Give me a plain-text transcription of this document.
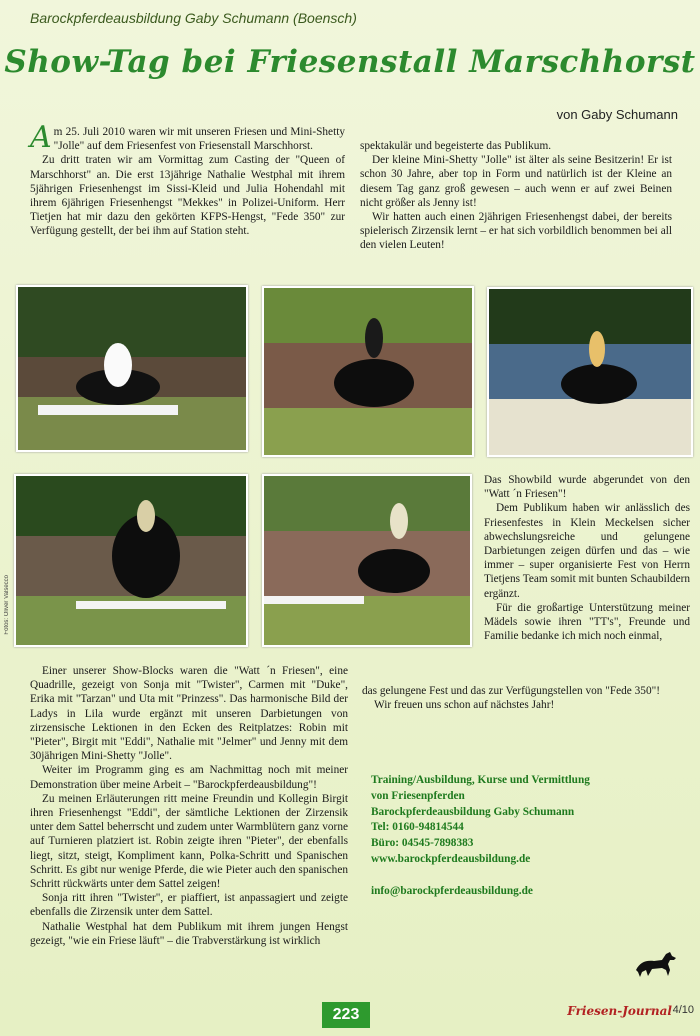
Barockpferdeausbildung Gaby Schumann (Boensch)
Show-Tag bei Friesenstall Marschhorst
von Gaby Schumann

Am 25. Juli 2010 waren wir mit unseren Friesen und Mini-Shetty "Jolle" auf dem Friesenfest von Friesenstall Marschhorst.

Zu dritt traten wir am Vormittag zum Casting der "Queen of Marschhorst" an. Die erst 13jährige Nathalie Westphal mit ihrem 5jährigen Friesenhengst im Sissi-Kleid und Julia Hohendahl mit ihrem 6jährigen Friesenhengst "Mekkes" in Polizei-Uniform. Herr Tietjen hat mir dazu den gekörten KFPS-Hengst, "Fede 350" zur Verfügung gestellt, der bei ihm auf Station steht.

spektakulär und begeisterte das Publikum.

Der kleine Mini-Shetty "Jolle" ist älter als seine Besitzerin! Er ist schon 30 Jahre, aber top in Form und natürlich ist der Kleine an diesem Tag ganz groß gewesen – auch wenn er auf zwei Beinen nicht größer als Jenny ist!

Wir hatten auch einen 2jährigen Friesenhengst dabei, der bereits spielerisch Zirzensik lernt – er hat sich vorbildlich benommen bei all den vielen Leuten!

Fotos: Oliver Valsecco

Das Showbild wurde abgerundet von den "Watt ´n Friesen"!

Dem Publikum haben wir anlässlich des Friesenfestes in Klein Meckelsen sicher abwechslungsreiche und gelungene Darbietungen zeigen dürfen und das – wie immer – super organisierte Fest von Herrn Tietjens Team somit mit bunten Schaubildern ergänzt.

Für die großartige Unterstützung meiner Mädels sowie ihren "TT's", Freunde und Familie bedanke ich mich noch einmal,

das gelungene Fest und das zur Verfügungstellen von "Fede 350"!

Wir freuen uns schon auf nächstes Jahr!

Einer unserer Show-Blocks waren die "Watt ´n Friesen", eine Quadrille, gezeigt von Sonja mit "Twister", Carmen mit "Duke", Erika mit "Tarzan" und Uta mit "Prinzess". Das harmonische Bild der Ladys in Lila wurde ergänzt mit unseren Darbietungen von zirzensische Lektionen in den Ecken des Reitplatzes: Robin mit "Pieter", Birgit mit "Eddi", Nathalie mit "Jelmer" und Jenny mit dem 30jährigen Mini-Shetty "Jolle".

Weiter im Programm ging es am Nachmittag noch mit meiner Demonstration über meine Arbeit – "Barockpferdeausbildung"!

Zu meinen Erläuterungen ritt meine Freundin und Kollegin Birgit ihren Friesenhengst "Eddi", der sämtliche Lektionen der Zirzensik unter dem Sattel beherrscht und zudem unter Warmblütern ganz vorne auf Turnieren platziert ist. Robin zeigte ihren "Pieter", der ebenfalls liegt, sitzt, steigt, Kompliment kann, Polka-Schritt und Spanischen Schritt. Es gibt nur wenige Pferde, die wie Pieter auch den spanischen Schritt rückwärts unter dem Sattel zeigen!

Sonja ritt ihren "Twister", er piaffiert, ist anpassagiert und zeigte ebenfalls die Zirzensik unter dem Sattel.

Nathalie Westphal hat dem Publikum mit ihrem jungen Hengst gezeigt, "wie ein Friese läuft" – die Trabverstärkung ist wirklich

Training/Ausbildung, Kurse und Vermittlung
von Friesenpferden
Barockpferdeausbildung Gaby Schumann
Tel: 0160-94814544
Büro: 04545-7898383
www.barockpferdeausbildung.de
info@barockpferdeausbildung.de
223	Friesen-Journal 4/10
